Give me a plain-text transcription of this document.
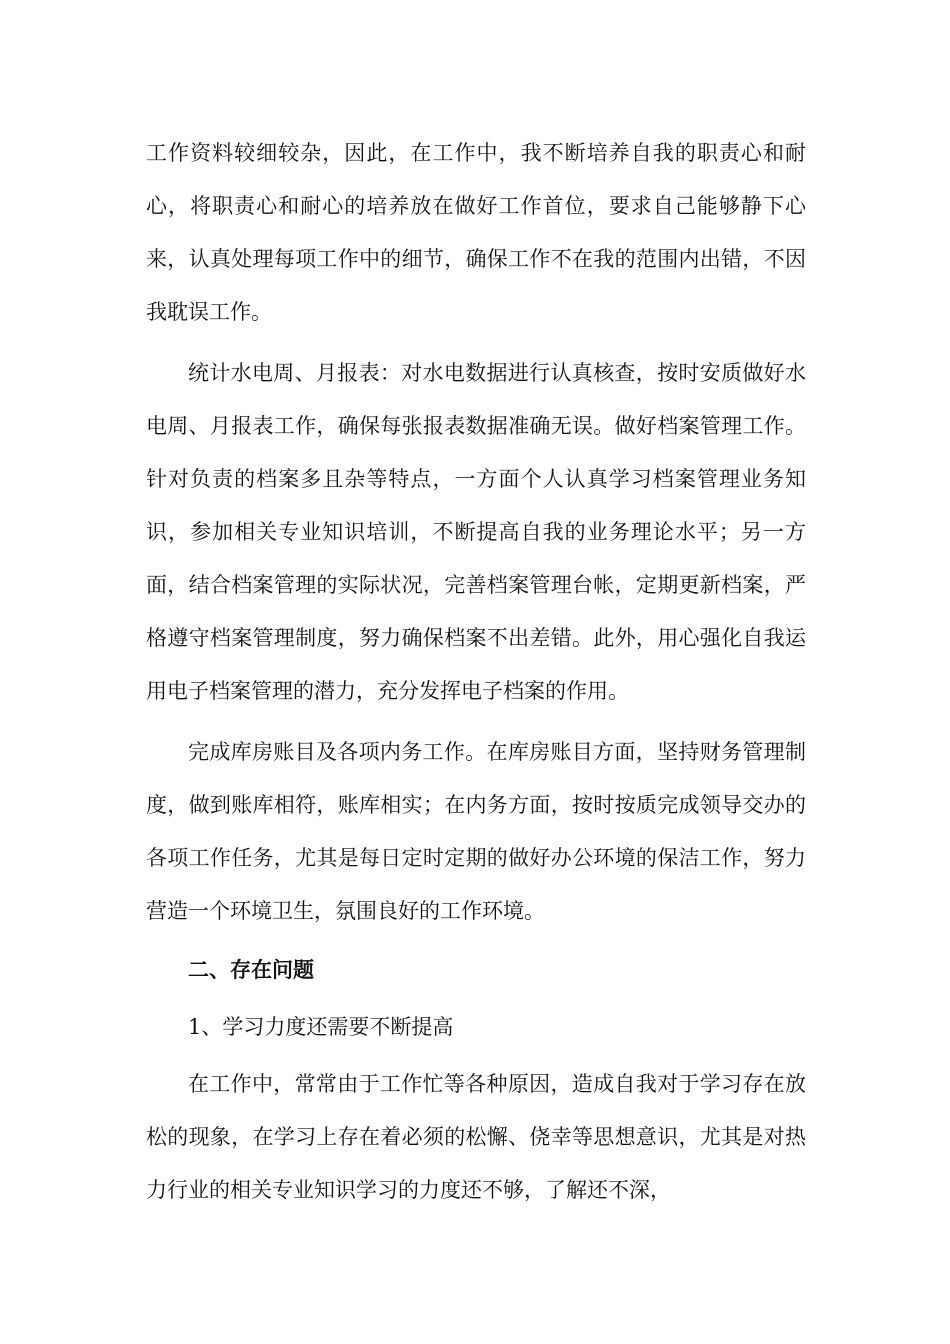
工作资料较细较杂，因此，在工作中，我不断培养自我的职责心和耐心，将职责心和耐心的培养放在做好工作首位，要求自己能够静下心来，认真处理每项工作中的细节，确保工作不在我的范围内出错，不因我耽误工作。

统计水电周、月报表：对水电数据进行认真核查，按时安质做好水电周、月报表工作，确保每张报表数据准确无误。做好档案管理工作。针对负责的档案多且杂等特点，一方面个人认真学习档案管理业务知识，参加相关专业知识培训，不断提高自我的业务理论水平；另一方面，结合档案管理的实际状况，完善档案管理台帐，定期更新档案，严格遵守档案管理制度，努力确保档案不出差错。此外，用心强化自我运用电子档案管理的潜力，充分发挥电子档案的作用。

完成库房账目及各项内务工作。在库房账目方面，坚持财务管理制度，做到账库相符，账库相实；在内务方面，按时按质完成领导交办的各项工作任务，尤其是每日定时定期的做好办公环境的保洁工作，努力营造一个环境卫生，氛围良好的工作环境。

二、存在问题

1、学习力度还需要不断提高

在工作中，常常由于工作忙等各种原因，造成自我对于学习存在放松的现象，在学习上存在着必须的松懈、侥幸等思想意识，尤其是对热力行业的相关专业知识学习的力度还不够，了解还不深，
